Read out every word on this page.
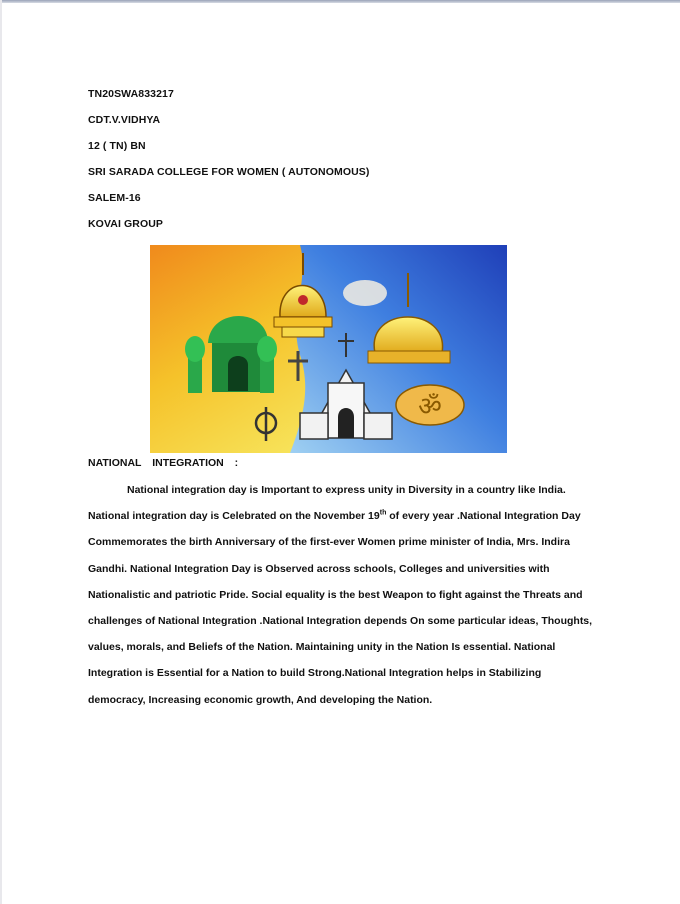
TN20SWA833217
CDT.V.VIDHYA
12 ( TN) BN
SRI SARADA COLLEGE FOR WOMEN ( AUTONOMOUS)
SALEM-16
KOVAI GROUP
ॐ
NATIONAL INTEGRATION :
National integration day is Important to express unity in Diversity in a country like India.
National integration day is Celebrated on the November 19th of every year .National Integration Day
Commemorates the birth Anniversary of the first-ever Women prime minister of India, Mrs. Indira
Gandhi. National Integration Day is Observed across schools, Colleges and universities with
Nationalistic and patriotic Pride. Social equality is the best Weapon to fight against the Threats and
challenges of National Integration .National Integration depends On some particular ideas, Thoughts,
values, morals, and Beliefs of the Nation. Maintaining unity in the Nation Is essential. National
Integration is Essential for a Nation to build Strong.National Integration helps in Stabilizing
democracy, Increasing economic growth, And developing the Nation.
